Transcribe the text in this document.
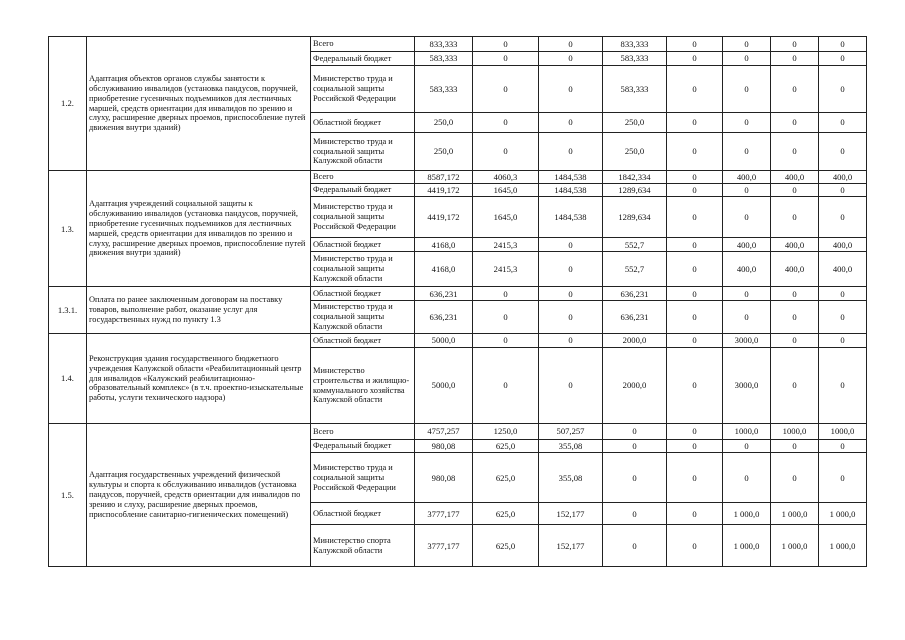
1.2.	Адаптация объектов органов службы занятости к обслуживанию инвалидов (установка пандусов, поручней, приобретение гусеничных подъемников для лестничных маршей, средств ориентации для инвалидов по зрению и слуху, расширение дверных проемов, приспособление путей движения внутри зданий)	Всего	833,333	0	0	833,333	0	0	0	0
		Федеральный бюджет	583,333	0	0	583,333	0	0	0	0
		Министерство труда и социальной защиты Российской Федерации	583,333	0	0	583,333	0	0	0	0
		Областной бюджет	250,0	0	0	250,0	0	0	0	0
		Министерство труда и социальной защиты Калужской области	250,0	0	0	250,0	0	0	0	0
1.3.	Адаптация учреждений социальной защиты к обслуживанию инвалидов (установка пандусов, поручней, приобретение гусеничных подъемников для лестничных маршей, средств ориентации для инвалидов по зрению и слуху, расширение дверных проемов, приспособление путей движения внутри зданий)	Всего	8587,172	4060,3	1484,538	1842,334	0	400,0	400,0	400,0
		Федеральный бюджет	4419,172	1645,0	1484,538	1289,634	0	0	0	0
		Министерство труда и социальной защиты Российской Федерации	4419,172	1645,0	1484,538	1289,634	0	0	0	0
		Областной бюджет	4168,0	2415,3	0	552,7	0	400,0	400,0	400,0
		Министерство труда и социальной защиты Калужской области	4168,0	2415,3	0	552,7	0	400,0	400,0	400,0
1.3.1.	Оплата по ранее заключенным договорам на поставку товаров, выполнение работ, оказание услуг для государственных нужд по пункту 1.3	Областной бюджет	636,231	0	0	636,231	0	0	0	0
		Министерство труда и социальной защиты Калужской области	636,231	0	0	636,231	0	0	0	0
1.4.	Реконструкция здания государственного бюджетного учреждения Калужской области «Реабилитационный центр для инвалидов «Калужский реабилитационно-образовательный комплекс» (в т.ч. проектно-изыскательные работы, услуги технического надзора)	Областной бюджет	5000,0	0	0	2000,0	0	3000,0	0	0
		Министерство строительства и жилищно-коммунального хозяйства Калужской области	5000,0	0	0	2000,0	0	3000,0	0	0
1.5.	Адаптация государственных учреждений физической культуры и спорта к обслуживанию инвалидов (установка пандусов, поручней, средств ориентации для инвалидов по зрению и слуху, расширение дверных проемов, приспособление санитарно-гигиенических помещений)	Всего	4757,257	1250,0	507,257	0	0	1000,0	1000,0	1000,0
		Федеральный бюджет	980,08	625,0	355,08	0	0	0	0	0
		Министерство труда и социальной защиты Российской Федерации	980,08	625,0	355,08	0	0	0	0	0
		Областной бюджет	3777,177	625,0	152,177	0	0	1 000,0	1 000,0	1 000,0
		Министерство спорта Калужской области	3777,177	625,0	152,177	0	0	1 000,0	1 000,0	1 000,0
